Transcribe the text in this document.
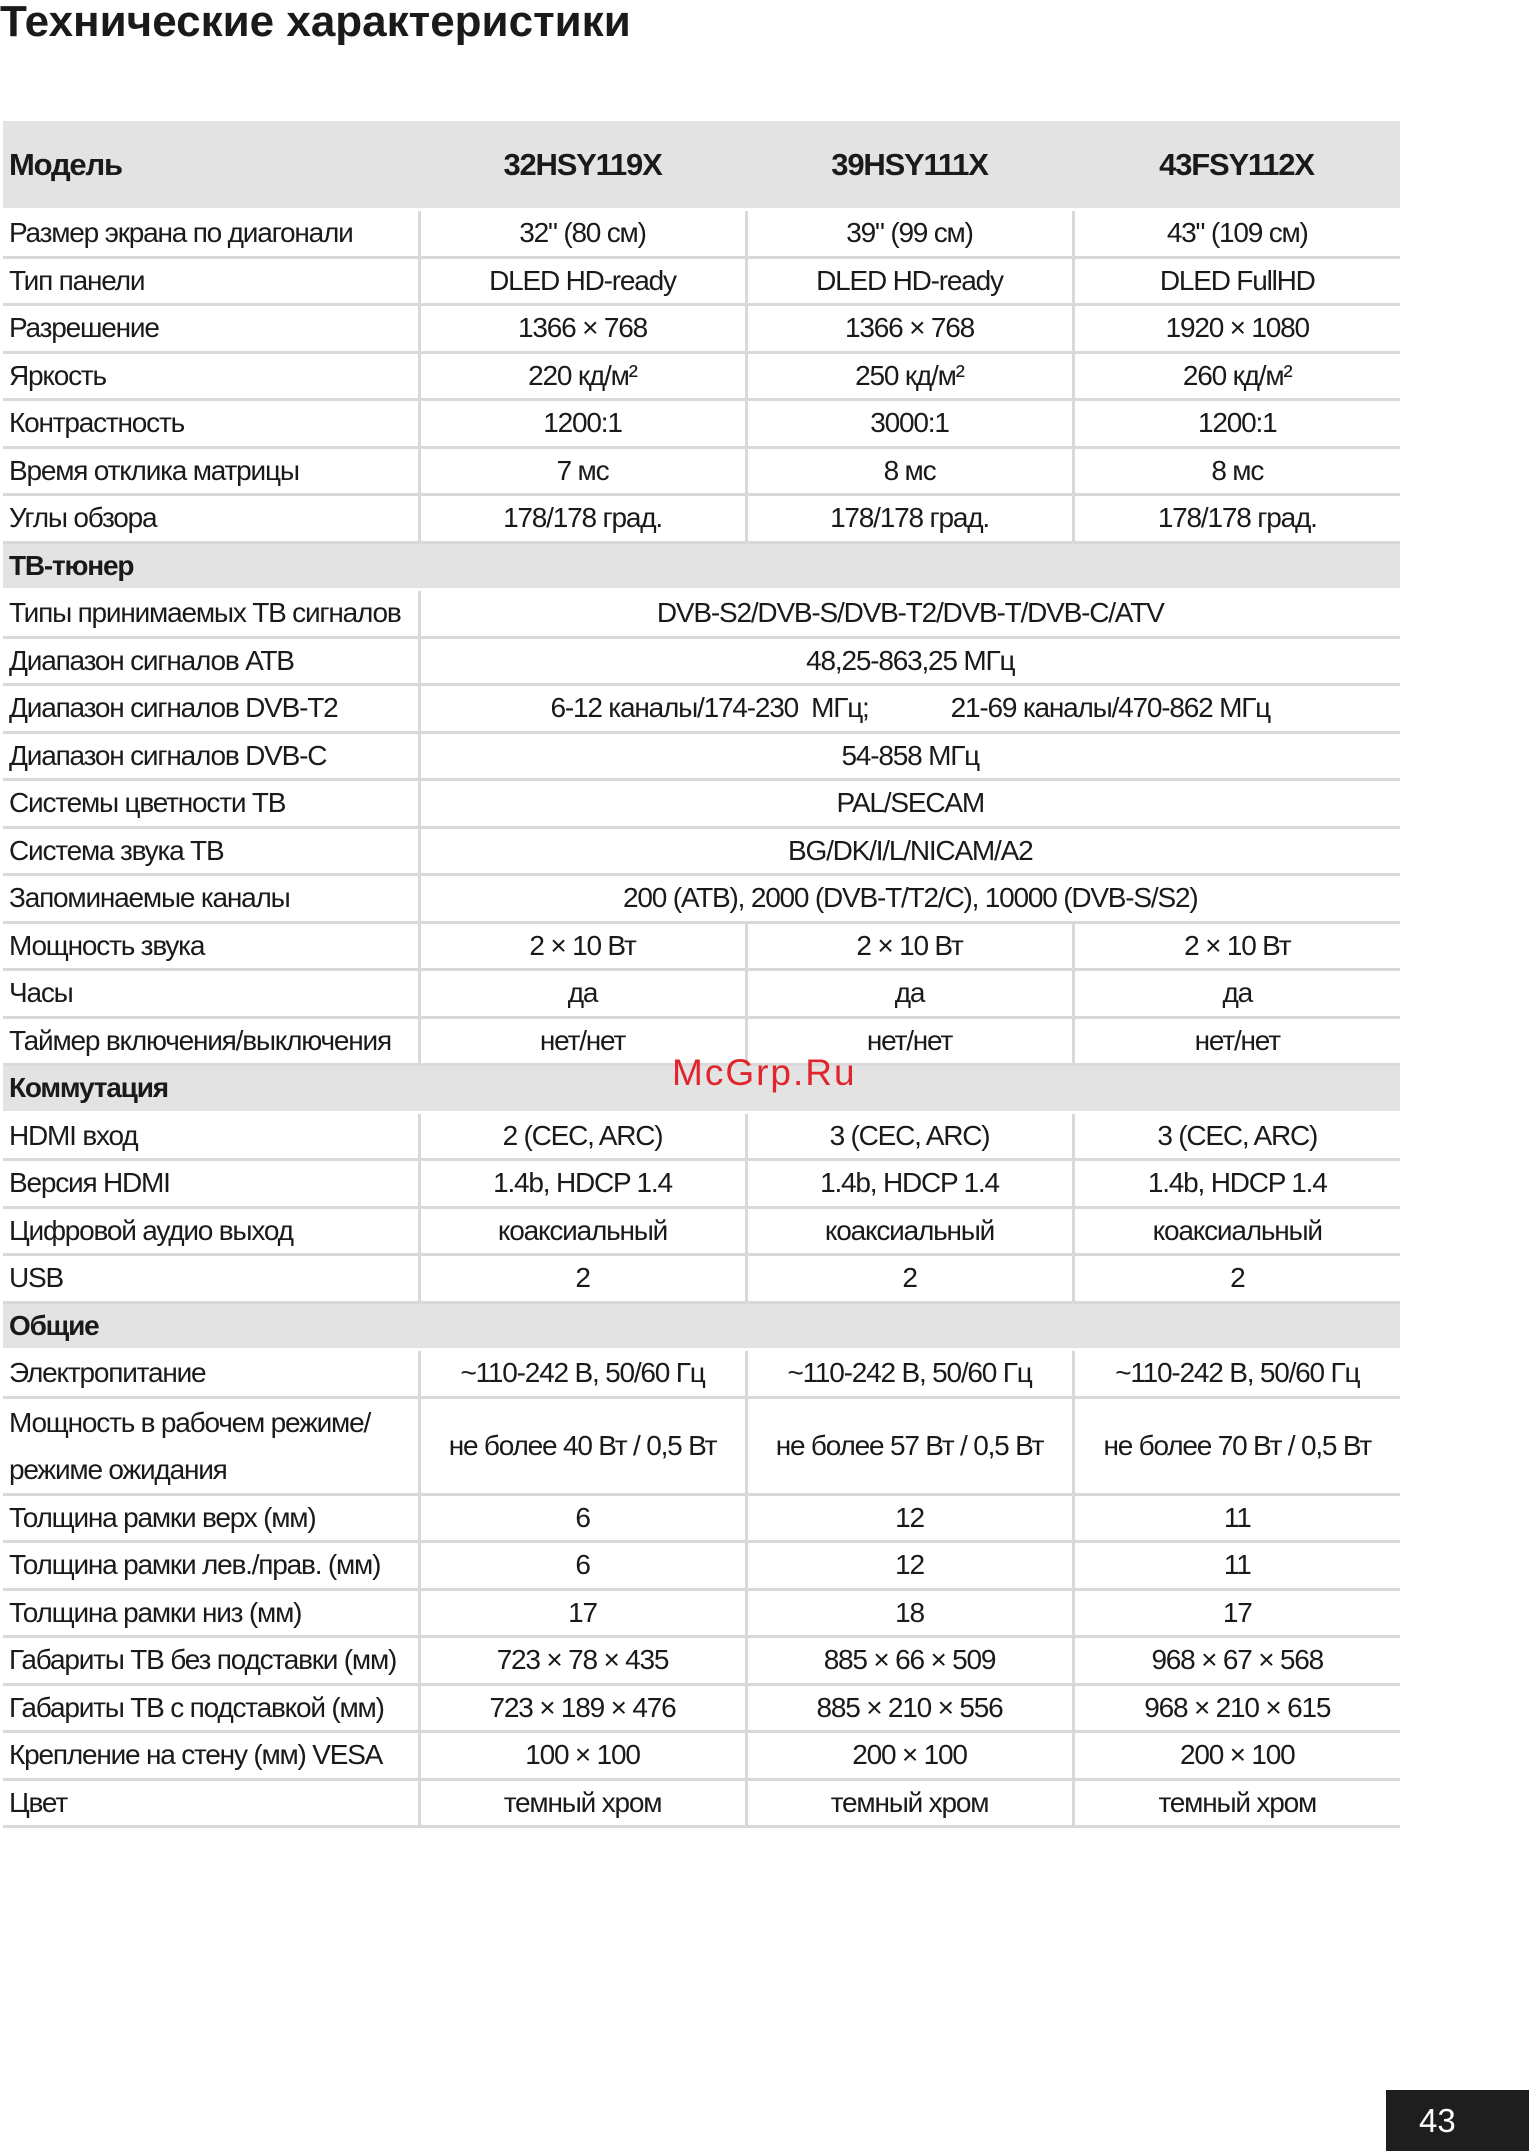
Технические характеристики
Модель	32HSY119X	39HSY111X	43FSY112X
Размер экрана по диагонали	32" (80 см)	39" (99 см)	43" (109 см)
Тип панели	DLED HD-ready	DLED HD-ready	DLED FullHD
Разрешение	1366 × 768	1366 × 768	1920 × 1080
Яркость	220 кд/м²	250 кд/м²	260 кд/м²
Контрастность	1200:1	3000:1	1200:1
Время отклика матрицы	7 мс	8 мс	8 мс
Углы обзора	178/178 град.	178/178 град.	178/178 град.
ТВ-тюнер			
Типы принимаемых ТВ сигналов	DVB-S2/DVB-S/DVB-T2/DVB-T/DVB-C/ATV		
Диапазон сигналов АТВ	48,25-863,25 МГц		
Диапазон сигналов DVB-T2	6-12 каналы/174-230  МГц; 21-69 каналы/470-862 МГц		

Диапазон сигналов DVB-C	54-858 МГц		
Системы цветности ТВ	PAL/SECAM		
Система звука ТВ	BG/DK/I/L/NICAM/A2		
Запоминаемые каналы	200 (АТВ), 2000 (DVB-T/T2/C), 10000 (DVB-S/S2)		
Мощность звука	2 × 10 Вт	2 × 10 Вт	2 × 10 Вт
Часы	да	да	да
Таймер включения/выключения	нет/нет	нет/нет	нет/нет
Коммутация			
HDMI вход	2 (CEC, ARC)	3 (CEC, ARC)	3 (CEC, ARC)
Версия HDMI	1.4b, HDCP 1.4	1.4b, HDCP 1.4	1.4b, HDCP 1.4
Цифровой аудио выход	коаксиальный	коаксиальный	коаксиальный
USB	2	2	2
Общие			
Электропитание	~110-242 В, 50/60 Гц	~110-242 В, 50/60 Гц	~110-242 В, 50/60 Гц

Мощность в рабочем режиме/
режиме ожидания	не более 40 Вт / 0,5 Вт	не более 57 Вт / 0,5 Вт	не более 70 Вт / 0,5 Вт
Толщина рамки верх (мм)	6	12	11
Толщина рамки лев./прав. (мм)	6	12	11
Толщина рамки низ (мм)	17	18	17
Габариты ТВ без подставки (мм)	723 × 78 × 435	885 × 66 × 509	968 × 67 × 568
Габариты ТВ с подставкой (мм)	723 × 189 × 476	885 × 210 × 556	968 × 210 × 615
Крепление на стену (мм) VESA	100 × 100	200 × 100	200 × 100
Цвет	темный хром	темный хром	темный хром
McGrp.Ru
43
